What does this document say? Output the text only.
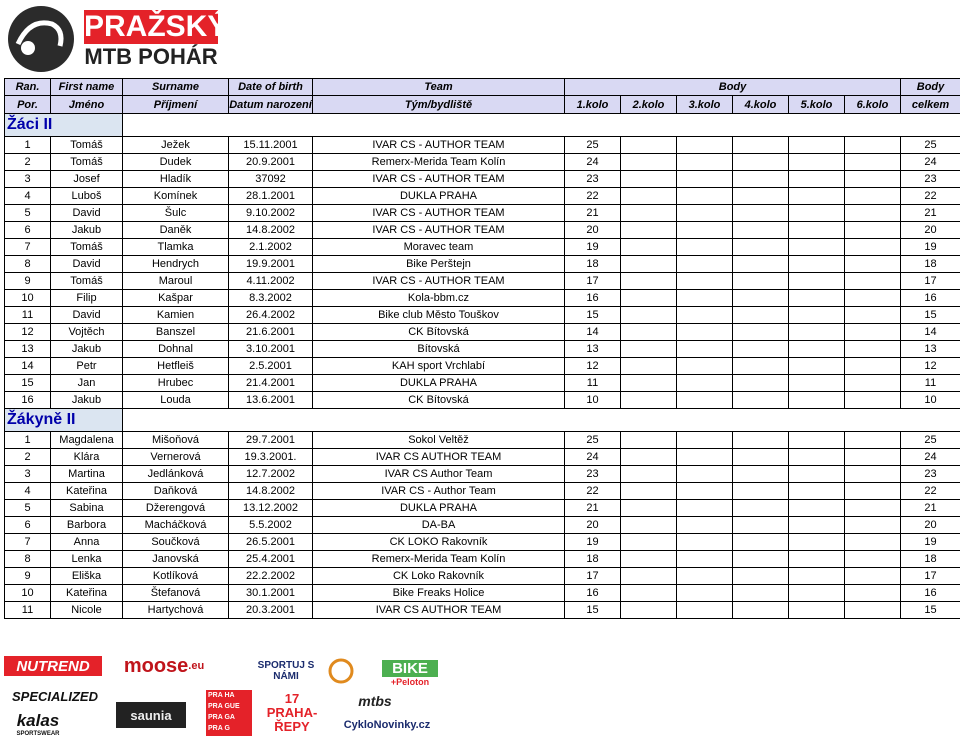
PRAŽSKÝ
MTB POHÁR
Ran.	First name	Surname	Date of birth	Team	Body						Body
Por.	Jméno	Příjmení	Datum narození	Tým/bydliště	1.kolo	2.kolo	3.kolo	4.kolo	5.kolo	6.kolo	celkem
Žáci II											
1	Tomáš	Ježek	15.11.2001	IVAR CS - AUTHOR TEAM	25						25
2	Tomáš	Dudek	20.9.2001	Remerx-Merida Team Kolín	24						24
3	Josef	Hladík	37092	IVAR CS - AUTHOR TEAM	23						23
4	Luboš	Komínek	28.1.2001	DUKLA PRAHA	22						22
5	David	Šulc	9.10.2002	IVAR CS - AUTHOR TEAM	21						21
6	Jakub	Daněk	14.8.2002	IVAR CS - AUTHOR TEAM	20						20
7	Tomáš	Tlamka	2.1.2002	Moravec team	19						19
8	David	Hendrych	19.9.2001	Bike Perštejn	18						18
9	Tomáš	Maroul	4.11.2002	IVAR CS - AUTHOR TEAM	17						17
10	Filip	Kašpar	8.3.2002	Kola-bbm.cz	16						16
11	David	Kamien	26.4.2002	Bike club Město Touškov	15						15
12	Vojtěch	Banszel	21.6.2001	CK Bítovská	14						14
13	Jakub	Dohnal	3.10.2001	Bítovská	13						13
14	Petr	Hetfleiš	2.5.2001	KAH sport Vrchlabí	12						12
15	Jan	Hrubec	21.4.2001	DUKLA PRAHA	11						11
16	Jakub	Louda	13.6.2001	CK Bítovská	10						10
Žákyně II											
1	Magdalena	Mišoňová	29.7.2001	Sokol Veltěž	25						25
2	Klára	Vernerová	19.3.2001.	IVAR CS AUTHOR TEAM	24						24
3	Martina	Jedlánková	12.7.2002	IVAR CS Author Team	23						23
4	Kateřina	Daňková	14.8.2002	IVAR CS - Author Team	22						22
5	Sabina	Džerengová	13.12.2002	DUKLA PRAHA	21						21
6	Barbora	Macháčková	5.5.2002	DA-BA	20						20
7	Anna	Součková	26.5.2001	CK LOKO Rakovník	19						19
8	Lenka	Janovská	25.4.2001	Remerx-Merida Team Kolín	18						18
9	Eliška	Kotlíková	22.2.2002	CK Loko Rakovník	17						17
10	Kateřina	Štefanová	30.1.2001	Bike Freaks Holice	16						16
11	Nicole	Hartychová	20.3.2001	IVAR CS AUTHOR TEAM	15						15
NUTREND	moose .eu	SPORTUJ S NÁMI	BIKE
+Peloton
SPECIALIZED
kalas
SPORTSWEAR
saunia
PRA HA
PRA GUE
PRA GA
PRA G
17 PRAHA-ŘEPY
mtbs
CykloNovinky.cz
